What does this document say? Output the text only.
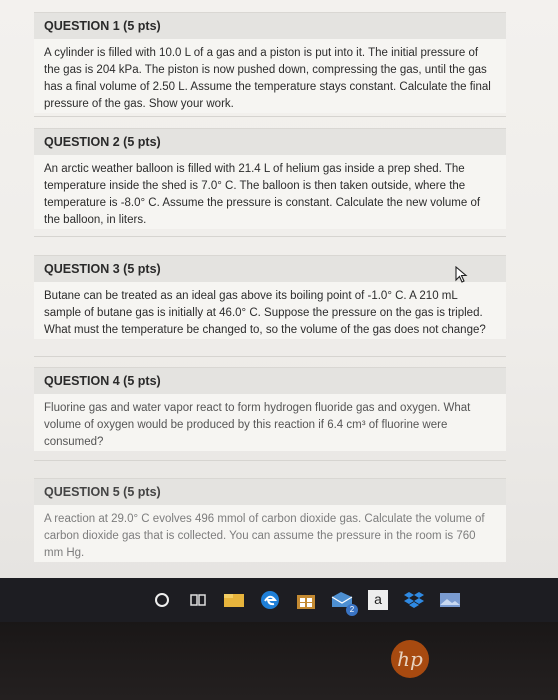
QUESTION 1 (5 pts)
A cylinder is filled with 10.0 L of a gas and a piston is put into it. The initial pressure of the gas is 204 kPa. The piston is now pushed down, compressing the gas, until the gas has a final volume of 2.50 L. Assume the temperature stays constant. Calculate the final pressure of the gas. Show your work.
QUESTION 2 (5 pts)
An arctic weather balloon is filled with 21.4 L of helium gas inside a prep shed. The temperature inside the shed is 7.0° C. The balloon is then taken outside, where the temperature is -8.0° C. Assume the pressure is constant. Calculate the new volume of the balloon, in liters.
QUESTION 3 (5 pts)
Butane can be treated as an ideal gas above its boiling point of -1.0° C. A 210 mL sample of butane gas is initially at 46.0° C. Suppose the pressure on the gas is tripled. What must the temperature be changed to, so the volume of the gas does not change?
QUESTION 4 (5 pts)
Fluorine gas and water vapor react to form hydrogen fluoride gas and oxygen. What volume of oxygen would be produced by this reaction if 6.4 cm³ of fluorine were consumed?
QUESTION 5 (5 pts)
A reaction at 29.0° C evolves 496 mmol of carbon dioxide gas. Calculate the volume of carbon dioxide gas that is collected. You can assume the pressure in the room is 760 mm Hg.
2
a
hp
